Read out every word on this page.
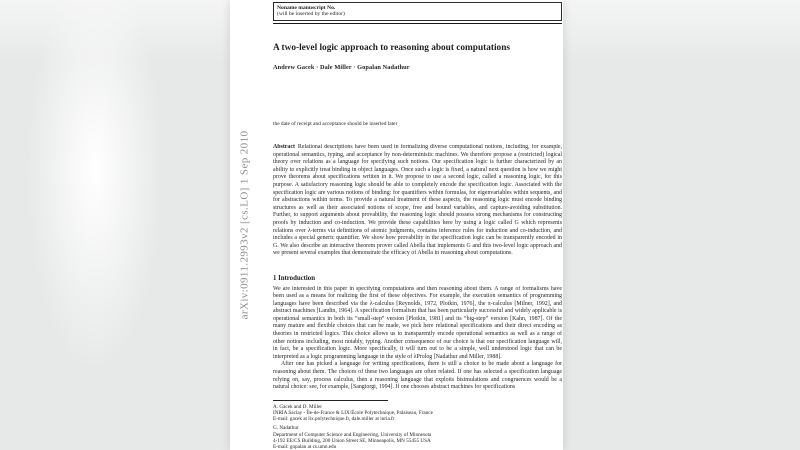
arXiv:0911.2993v2 [cs.LO] 1 Sep 2010
Noname manuscript No.
(will be inserted by the editor)
A two-level logic approach to reasoning about computations
Andrew Gacek · Dale Miller · Gopalan Nadathur
the date of receipt and acceptance should be inserted later
Abstract Relational descriptions have been used in formalizing diverse computational notions, including, for example, operational semantics, typing, and acceptance by non-deterministic machines. We therefore propose a (restricted) logical theory over relations as a language for specifying such notions. Our specification logic is further characterized by an ability to explicitly treat binding in object languages. Once such a logic is fixed, a natural next question is how we might prove theorems about specifications written in it. We propose to use a second logic, called a reasoning logic, for this purpose. A satisfactory reasoning logic should be able to completely encode the specification logic. Associated with the specification logic are various notions of binding: for quantifiers within formulas, for eigenvariables within sequents, and for abstractions within terms. To provide a natural treatment of these aspects, the reasoning logic must encode binding structures as well as their associated notions of scope, free and bound variables, and capture-avoiding substitution. Further, to support arguments about provability, the reasoning logic should possess strong mechanisms for constructing proofs by induction and co-induction. We provide these capabilities here by using a logic called G which represents relations over λ-terms via definitions of atomic judgments, contains inference rules for induction and co-induction, and includes a special generic quantifier. We show how provability in the specification logic can be transparently encoded in G. We also describe an interactive theorem prover called Abella that implements G and this two-level logic approach and we present several examples that demonstrate the efficacy of Abella in reasoning about computations.
1 Introduction

We are interested in this paper in specifying computations and then reasoning about them. A range of formalisms have been used as a means for realizing the first of these objectives. For example, the execution semantics of programming languages have been described via the λ-calculus [Reynolds, 1972, Plotkin, 1976], the π-calculus [Milner, 1992], and abstract machines [Landin, 1964]. A specification formalism that has been particularly successful and widely applicable is operational semantics in both its “small-step” version [Plotkin, 1981] and its “big-step” version [Kahn, 1987]. Of the many mature and flexible choices that can be made, we pick here relational specifications and their direct encoding as theories in restricted logics. This choice allows us to transparently encode operational semantics as well as a range of other notions including, most notably, typing. Another consequence of our choice is that our specification language will, in fact, be a specification logic. More specifically, it will turn out to be a simple, well understood logic that can be interpreted as a logic programming language in the style of λProlog [Nadathur and Miller, 1988].

After one has picked a language for writing specifications, there is still a choice to be made about a language for reasoning about them. The choices of these two languages are often related. If one has selected a specification language relying on, say, process calculus, then a reasoning language that exploits bisimulations and congruences would be a natural choice: see, for example, [Sangiorgi, 1994]. If one chooses abstract machines for specifications

A. Gacek and D. Miller
INRIA Saclay - Île-de-France & LIX/École Polytechnique, Palaiseau, France
E-mail: gacek at lix.polytechnique.fr, dale.miller at inria.fr
G. Nadathur
Department of Computer Science and Engineering, University of Minnesota
4-192 EE/CS Building, 200 Union Street SE, Minneapolis, MN 55455 USA
E-mail: gopalan at cs.umn.edu
